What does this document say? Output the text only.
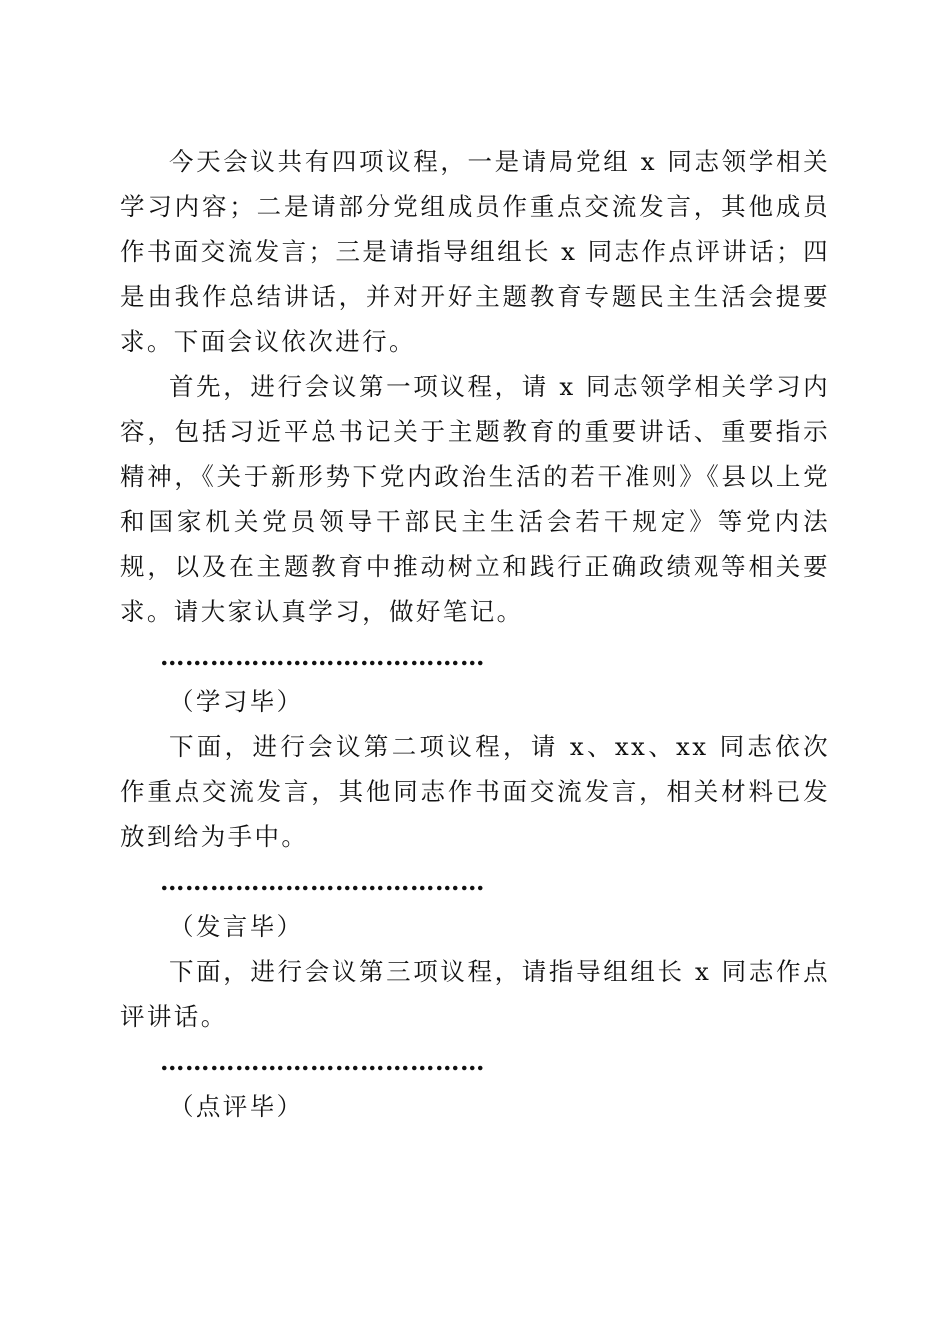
今天会议共有四项议程，一是请局党组 x 同志领学相关学习内容；二是请部分党组成员作重点交流发言，其他成员作书面交流发言；三是请指导组组长 x 同志作点评讲话；四是由我作总结讲话，并对开好主题教育专题民主生活会提要求。下面会议依次进行。

首先，进行会议第一项议程，请 x 同志领学相关学习内容，包括习近平总书记关于主题教育的重要讲话、重要指示精神，《关于新形势下党内政治生活的若干准则》《县以上党和国家机关党员领导干部民主生活会若干规定》等党内法规，以及在主题教育中推动树立和践行正确政绩观等相关要求。请大家认真学习，做好笔记。

…………………………………

（学习毕）

下面，进行会议第二项议程，请 x、xx、xx 同志依次作重点交流发言，其他同志作书面交流发言，相关材料已发放到给为手中。

…………………………………

（发言毕）

下面，进行会议第三项议程，请指导组组长 x 同志作点评讲话。

…………………………………

（点评毕）
